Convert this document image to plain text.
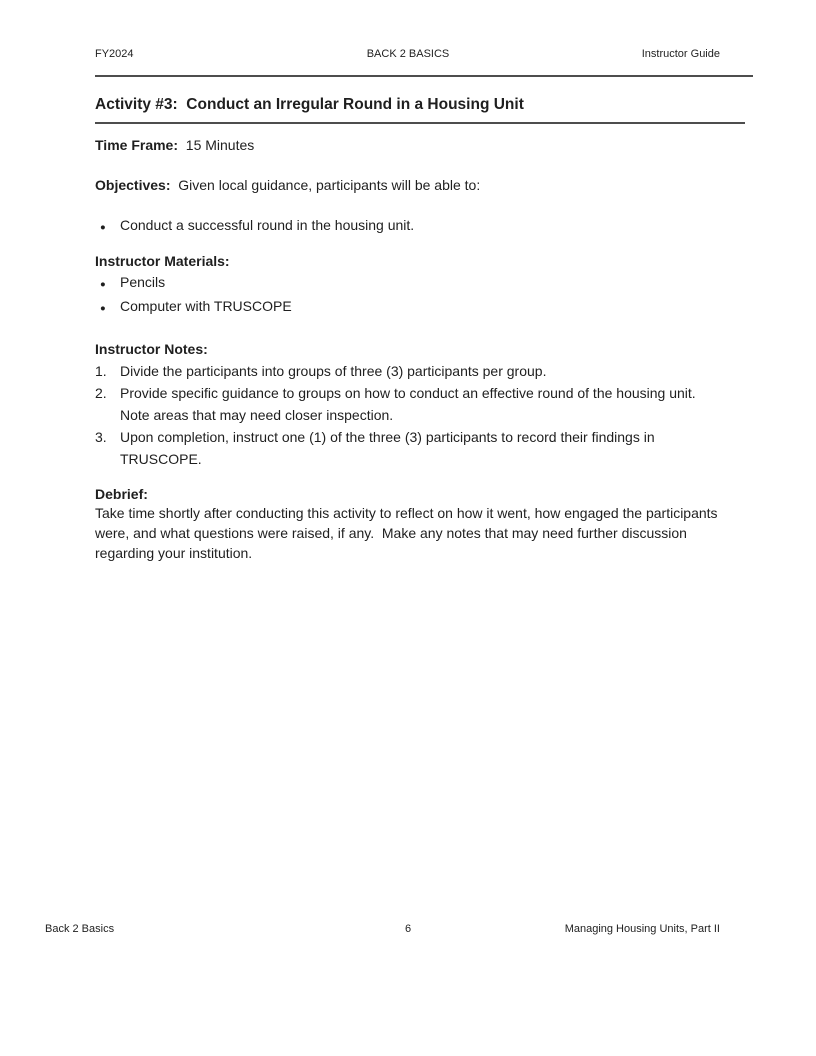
FY2024	BACK 2 BASICS	Instructor Guide
Activity #3:  Conduct an Irregular Round in a Housing Unit

Time Frame:  15 Minutes

Objectives:  Given local guidance, participants will be able to:

●	Conduct a successful round in the housing unit.

Instructor Materials:

●	Pencils
●	Computer with TRUSCOPE

Instructor Notes:

1. Divide the participants into groups of three (3) participants per group.
2. Provide specific guidance to groups on how to conduct an effective round of the housing unit.  Note areas that may need closer inspection.
3. Upon completion, instruct one (1) of the three (3) participants to record their findings in TRUSCOPE.

Debrief:

Take time shortly after conducting this activity to reflect on how it went, how engaged the participants were, and what questions were raised, if any.  Make any notes that may need further discussion regarding your institution.

Back 2 Basics	6	Managing Housing Units, Part II
